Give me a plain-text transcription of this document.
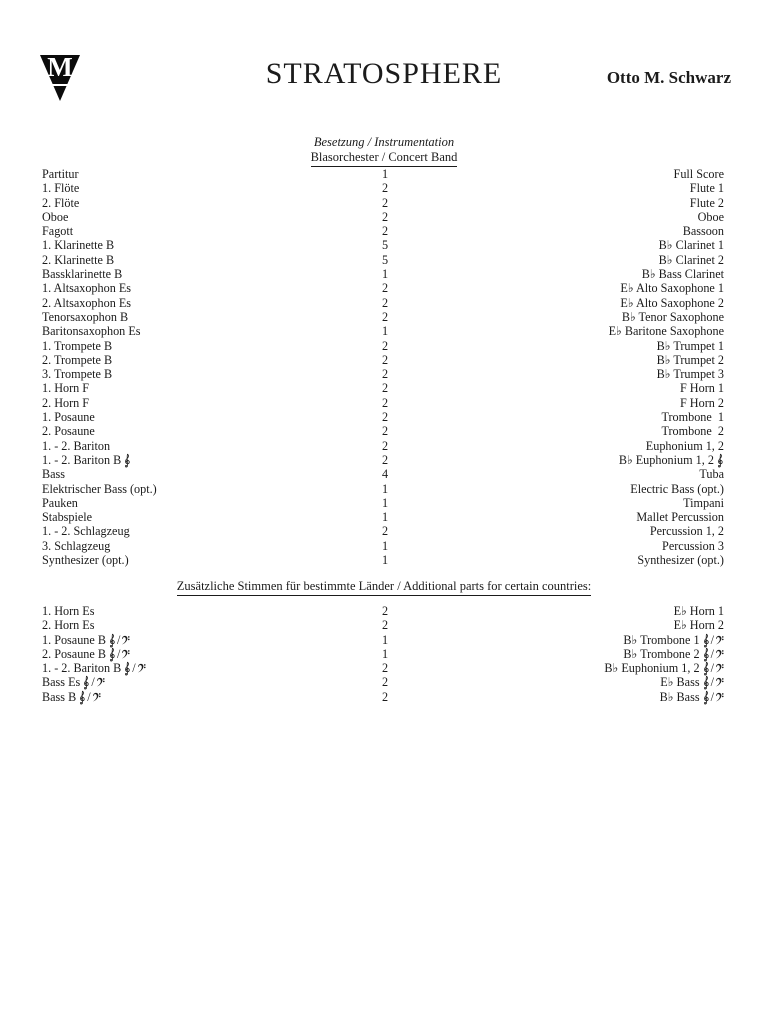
M	STRATOSPHERE	Otto M. Schwarz
Besetzung / Instrumentation
Blasorchester / Concert Band
Partitur	1	Full Score
1. Flöte	2	Flute 1
2. Flöte	2	Flute 2
Oboe	2	Oboe
Fagott	2	Bassoon
1. Klarinette B	5	B♭ Clarinet 1
2. Klarinette B	5	B♭ Clarinet 2
Bassklarinette B	1	B♭ Bass Clarinet
1. Altsaxophon Es	2	E♭ Alto Saxophone 1
2. Altsaxophon Es	2	E♭ Alto Saxophone 2
Tenorsaxophon B	2	B♭ Tenor Saxophone
Baritonsaxophon Es	1	E♭ Baritone Saxophone
1. Trompete B	2	B♭ Trumpet 1
2. Trompete B	2	B♭ Trumpet 2
3. Trompete B	2	B♭ Trumpet 3
1. Horn F	2	F Horn 1
2. Horn F	2	F Horn 2
1. Posaune	2	Trombone  1
2. Posaune	2	Trombone  2
1. - 2. Bariton	2	Euphonium 1, 2
1. - 2. Bariton B	2	B♭ Euphonium 1, 2
Bass	4	Tuba
Elektrischer Bass (opt.)	1	Electric Bass (opt.)
Pauken	1	Timpani
Stabspiele	1	Mallet Percussion
1. - 2. Schlagzeug	2	Percussion 1, 2
3. Schlagzeug	1	Percussion 3
Synthesizer (opt.)	1	Synthesizer (opt.)
Zusätzliche Stimmen für bestimmte Länder / Additional parts for certain countries:
1. Horn Es	2	E♭ Horn 1
2. Horn Es	2	E♭ Horn 2
1. Posaune B /	1	B♭ Trombone 1 /
2. Posaune B /	1	B♭ Trombone 2 /
1. - 2. Bariton B /	2	B♭ Euphonium 1, 2 /
Bass Es /	2	E♭ Bass /
Bass B /	2	B♭ Bass /
